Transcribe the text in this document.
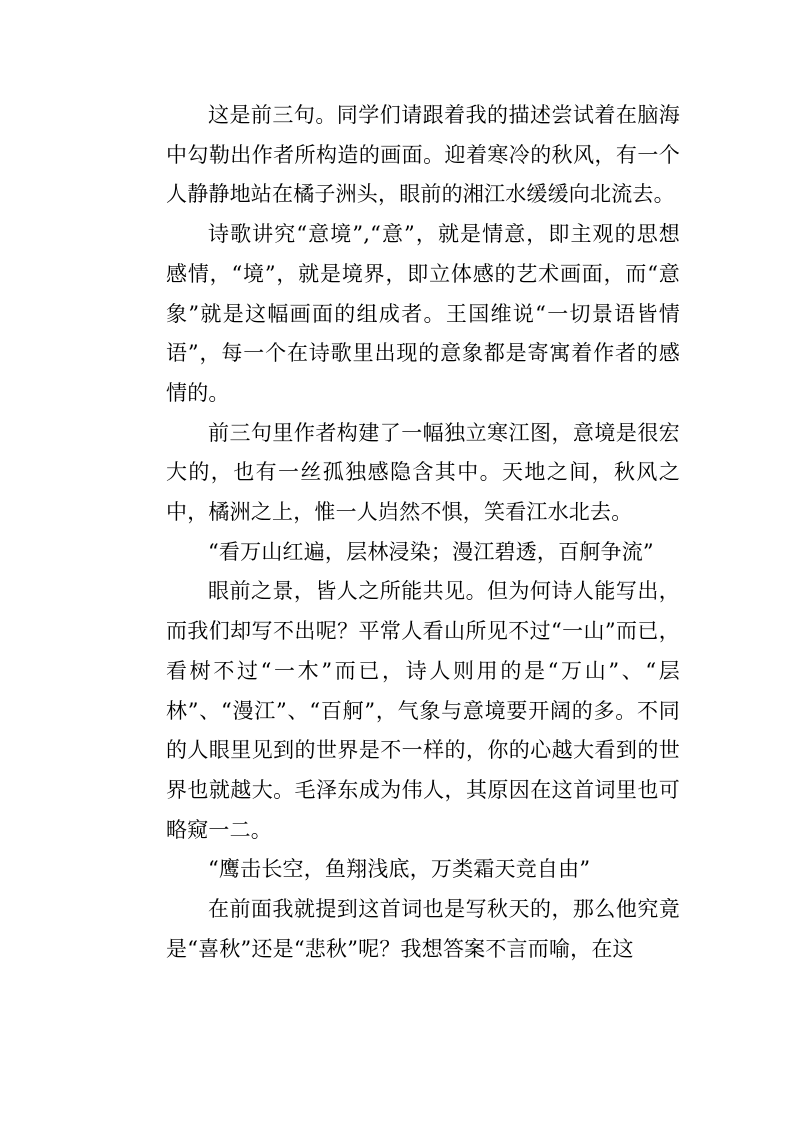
这是前三句。同学们请跟着我的描述尝试着在脑海中勾勒出作者所构造的画面。迎着寒冷的秋风，有一个人静静地站在橘子洲头，眼前的湘江水缓缓向北流去。

诗歌讲究“意境”,“意”，就是情意，即主观的思想感情，“境”，就是境界，即立体感的艺术画面，而“意象”就是这幅画面的组成者。王国维说“一切景语皆情语”，每一个在诗歌里出现的意象都是寄寓着作者的感情的。

前三句里作者构建了一幅独立寒江图，意境是很宏大的，也有一丝孤独感隐含其中。天地之间，秋风之中，橘洲之上，惟一人岿然不惧，笑看江水北去。

“看万山红遍，层林浸染；漫江碧透，百舸争流”

眼前之景，皆人之所能共见。但为何诗人能写出，而我们却写不出呢？平常人看山所见不过“一山”而已，看树不过“一木”而已，诗人则用的是“万山”、“层林”、“漫江”、“百舸”，气象与意境要开阔的多。不同的人眼里见到的世界是不一样的，你的心越大看到的世界也就越大。毛泽东成为伟人，其原因在这首词里也可略窥一二。

“鹰击长空，鱼翔浅底，万类霜天竞自由”

在前面我就提到这首词也是写秋天的，那么他究竟是“喜秋”还是“悲秋”呢？我想答案不言而喻，在这
